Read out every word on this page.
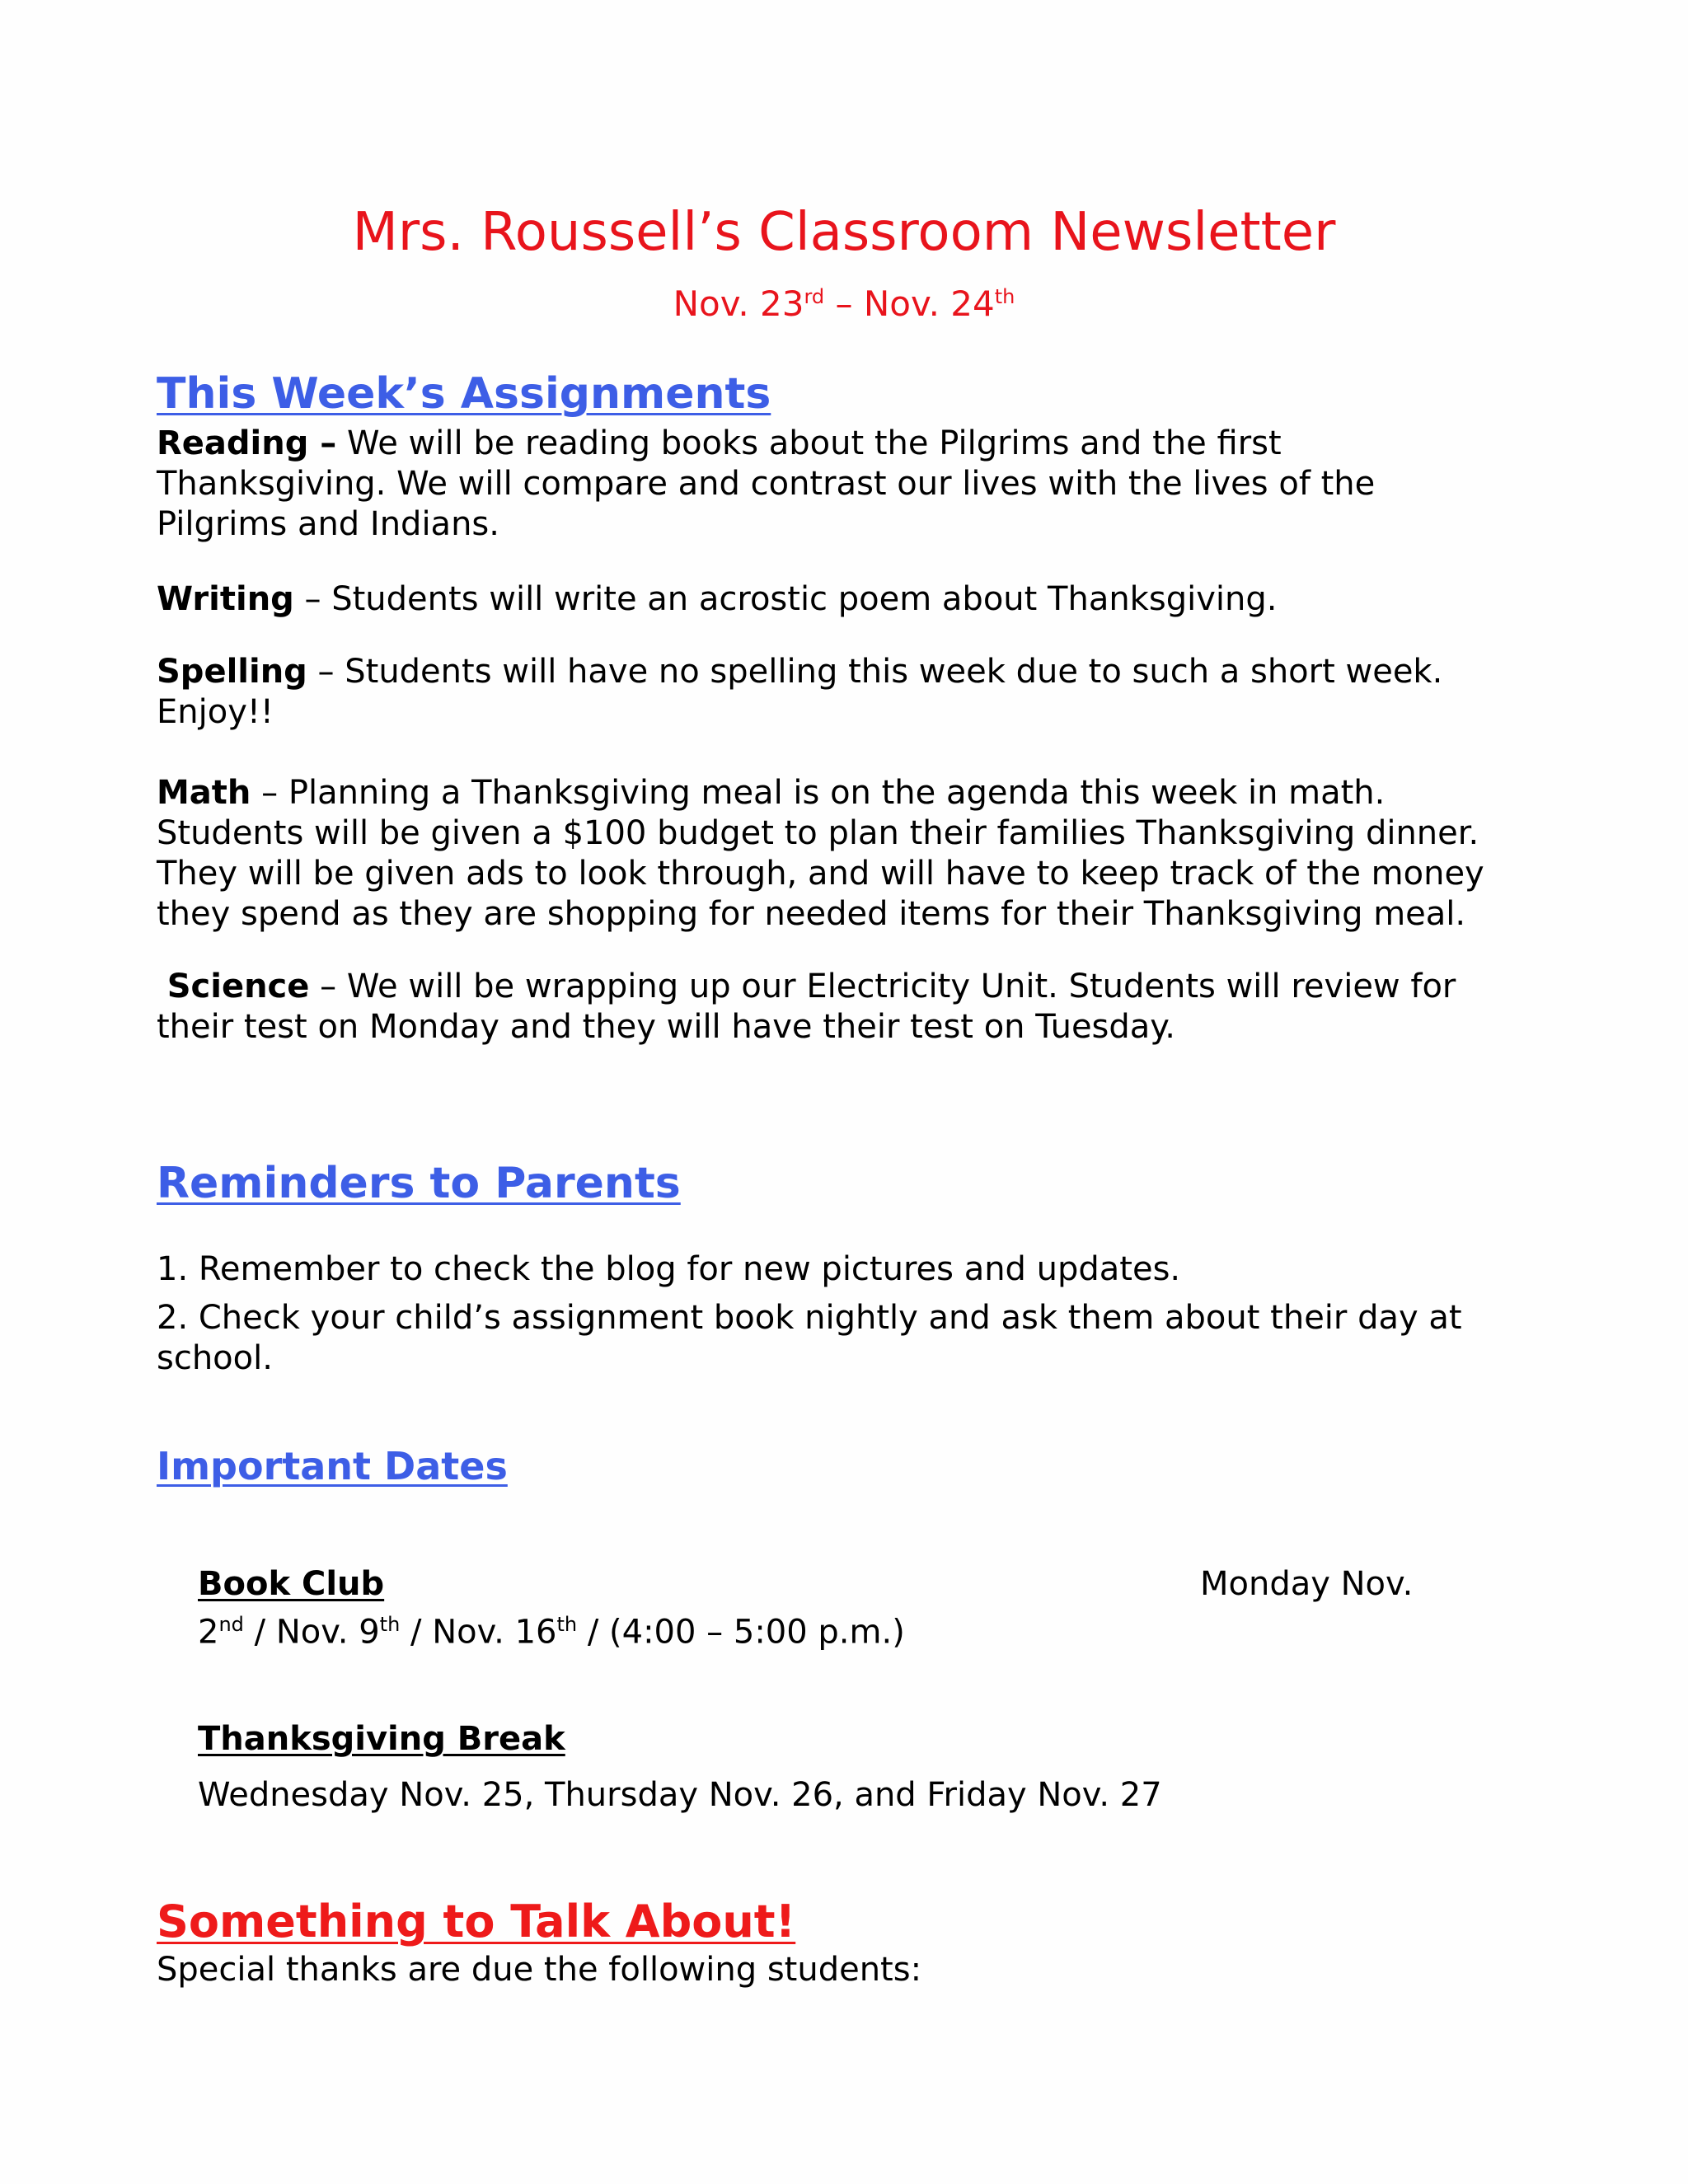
Mrs. Roussell’s Classroom Newsletter
Nov. 23rd – Nov. 24th
This Week’s Assignments
Reading – We will be reading books about the Pilgrims and the first
Thanksgiving. We will compare and contrast our lives with the lives of the
Pilgrims and Indians.
Writing – Students will write an acrostic poem about Thanksgiving.
Spelling – Students will have no spelling this week due to such a short week.
Enjoy!!
Math – Planning a Thanksgiving meal is on the agenda this week in math.
Students will be given a $100 budget to plan their families Thanksgiving dinner.
They will be given ads to look through, and will have to keep track of the money
they spend as they are shopping for needed items for their Thanksgiving meal.
Science – We will be wrapping up our Electricity Unit. Students will review for
their test on Monday and they will have their test on Tuesday.
Reminders to Parents
1. Remember to check the blog for new pictures and updates.
2. Check your child’s assignment book nightly and ask them about their day at
school.
Important Dates
Book Club	Monday Nov.
2nd / Nov. 9th / Nov. 16th / (4:00 – 5:00 p.m.)
Thanksgiving Break
Wednesday Nov. 25, Thursday Nov. 26, and Friday Nov. 27
Something to Talk About!
Special thanks are due the following students:
